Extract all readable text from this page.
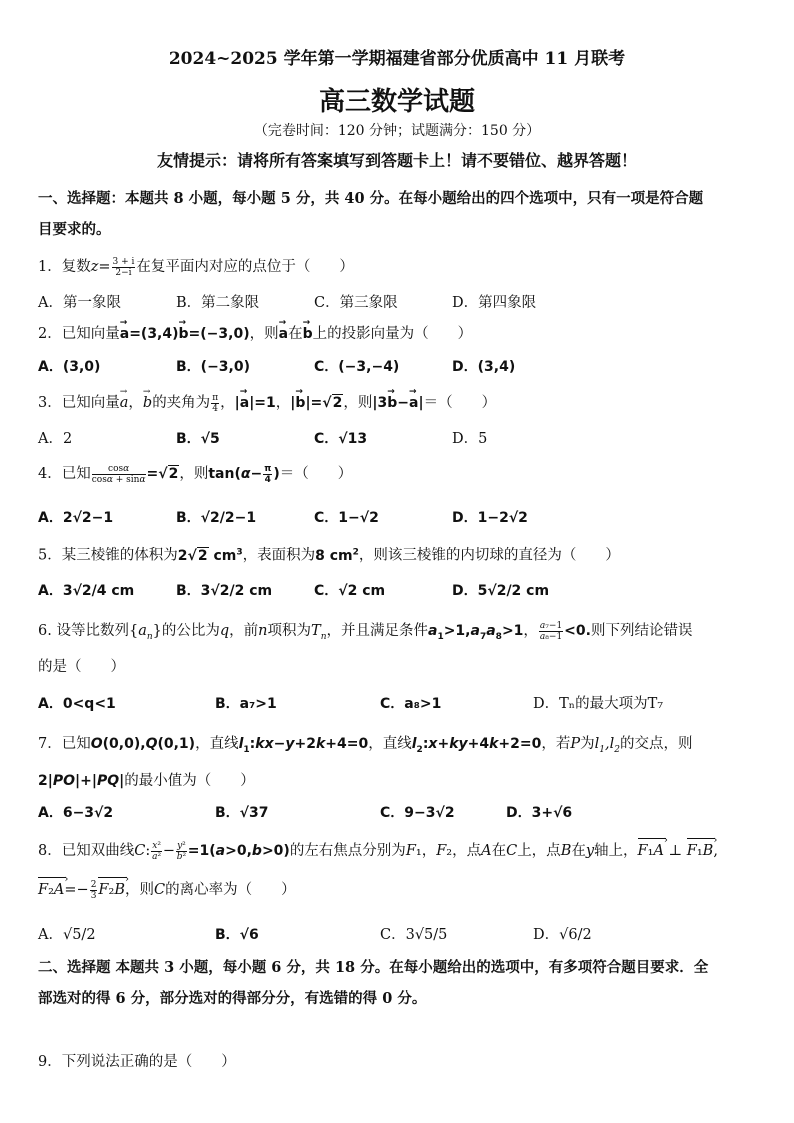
2024~2025 学年第一学期福建省部分优质高中 11 月联考
高三数学试题
（完卷时间：120 分钟；试题满分：150 分）
友情提示：请将所有答案填写到答题卡上！请不要错位、越界答题！
一、选择题：本题共 8 小题，每小题 5 分，共 40 分。在每小题给出的四个选项中，只有一项是符合题
目要求的。
1．复数$z= \frac{3 + i}{2-i}$ 在复平面内对应的点位于（　　）
A．第一象限	B．第二象限	C．第三象限	D．第四象限
2．已知向量→ a=(3,4)→ b=(−3,0)，则→ a在→ b上的投影向量为（　　）
A．(3,0)	B．(−3,0)	C．(−3,−4)	D．(3,4)
3．已知向量→ a，→ b的夹角为 $\frac{\pi}{4}$ ，|→ a|=1，|→ b|=√2，则|3→ b−→ a|＝（　　）
A．2	B．√5	C．√13	D．5
4．已知 $\frac{\cos\alpha}{\cos\alpha + \sin\alpha} =√2$，则$\tan(\alpha- \frac{\pi}{4}$ )＝（　　）
A．2√2−1	B．√2/2−1	C．1−√2	D．1−2√2
5．某三棱锥的体积为2√2 $cm^3$，表面积为8 $cm^2$，则该三棱锥的内切球的直径为（　　）
A．3√2/4 cm	B．3√2/2 cm	C．√2 cm	D．5√2/2 cm
6. 设等比数列$\{a_n\}$的公比为q，前n项积为$T_n$，并且满足条件$a_1>1,a_7a_8>1$， $\frac{\text{a₇−1}}{\text{a₈−1}} <0$.则下列结论错误
的是（　　）
A．0<q<1	B．a₇>1	C．a₈>1	D．Tₙ的最大项为T₇
7．已知O(0,0),Q(0,1)，直线$l_1:kx-y+2k+4=0$，直线$l_2:x+ky+4k+2=0$，若P为$l_1,l_2$的交点，则
2|PO|+|PQ|的最小值为（　　）
A．6−3√2	B．√37	C．9−3√2	D．3+√6
8．已知双曲线C: $\frac{\text{x²}}{\text{a²}} - \frac{\text{y²}}{\text{b²}} =1(a>0,b>0)$的左右焦点分别为F₁，F₂，点A在C上，点B在y轴上，F₁A › ⊥ F₁B ›,
F₂A ›=− $\frac{2}{3} F_2B$ ›，则C的离心率为（　　）
A．√5/2	B．√6	C．3√5/5	D．√6/2
二、选择题 本题共 3 小题，每小题 6 分，共 18 分。在每小题给出的选项中，有多项符合题目要求．全
部选对的得 6 分，部分选对的得部分分，有选错的得 0 分。
9．下列说法正确的是（　　）
